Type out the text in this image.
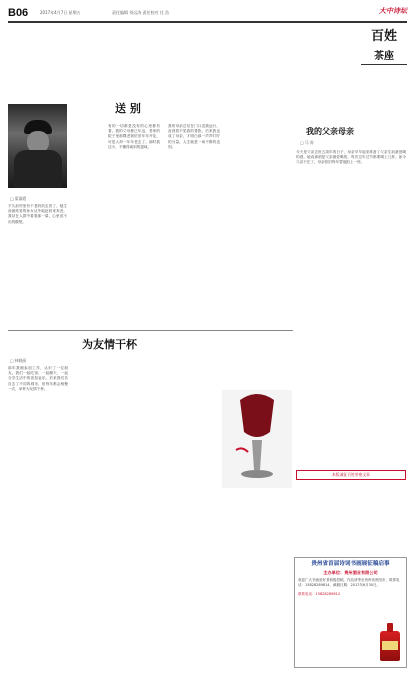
B06	2017年4月7日 星期五	责任编辑 刘远涛 责任校对 任 浩	大中诗坛
百姓
茶座
送 别
□ 梁淑霞
不久前村里有个老奶奶去世了，她生前最疼爱的孙女从外地赶回来奔丧。我站在人群中看着那一幕，心里说不出的酸楚。
有的一切都是没有的心里都有着。我的父母都已年迈，老家的院子里那棵老树依旧年年开花，可是人却一年年老去了。那时我还小，不懂得离别的滋味。
我的母亲总站在门口送我远行，直到看不见我的背影。后来我也成了母亲，才明白那一声声叮咛的分量。人生就是一场不断的送别。
我的父亲母亲
□ 马 涛
今天是父亲去世五周年的日子，母亲早早起来准备了父亲生前最爱喝的酒。她说那酒是父亲最爱喝的，每次过年过节都要喝上几杯。如今父亲不在了，母亲依旧每年替他斟上一杯。
本版诚征百姓茶座文章
为友情干杯
□ 林晓丽
那年我刚参加工作，认识了一位朋友。我们一起吃饭，一起聊天，一起分享生活中的喜怒哀乐。后来我们各自去了不同的城市，但每年都会相聚一次，举杯为友情干杯。
贵州省首届诗词书画展征稿启事
主办单位：贵州酒业有限公司
欢迎广大书画爱好者积极投稿，作品请寄至贵州省贵阳市，联系电话：15828289814，截稿日期：2017年6月30日。
联系电话：15828289814
